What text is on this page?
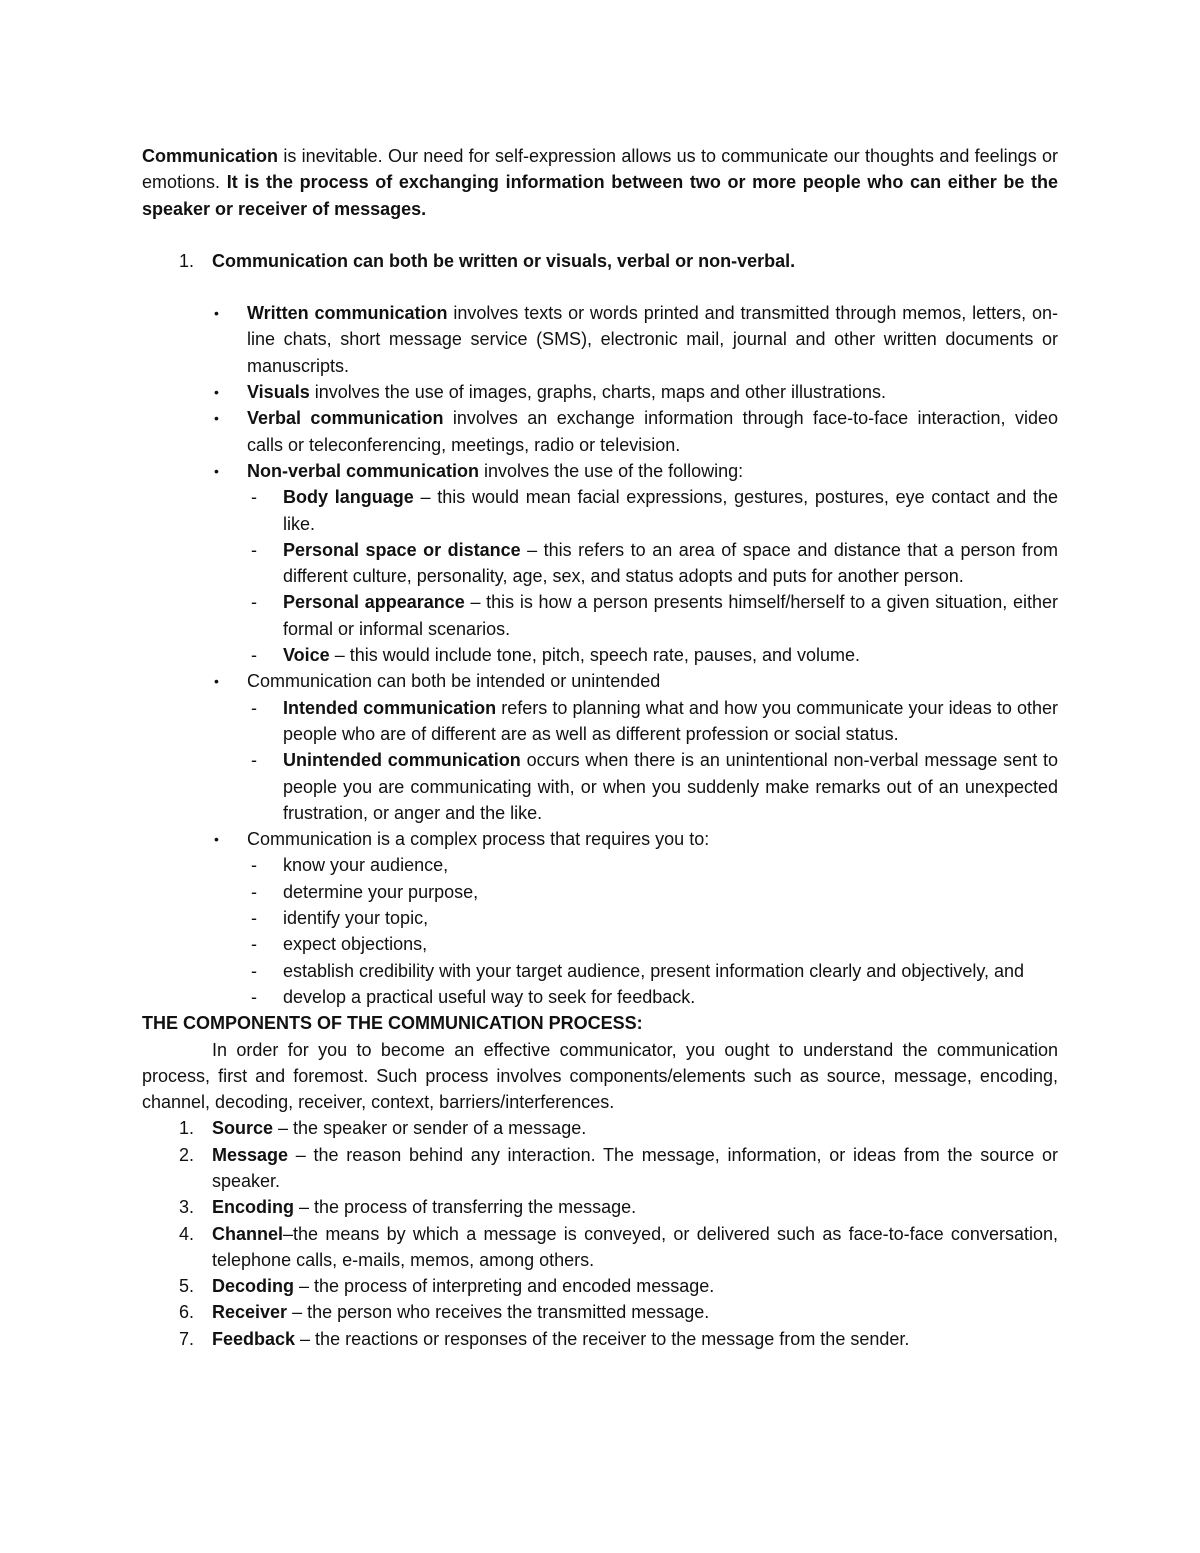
Communication is inevitable. Our need for self-expression allows us to communicate our thoughts and feelings or emotions. It is the process of exchanging information between two or more people who can either be the speaker or receiver of messages.

1.	Communication can both be written or visuals, verbal or non-verbal.
•	Written communication involves texts or words printed and transmitted through memos, letters, on-line chats, short message service (SMS), electronic mail, journal and other written documents or manuscripts.

•	Visuals involves the use of images, graphs, charts, maps and other illustrations.

•	Verbal communication involves an exchange information through face-to-face interaction, video calls or teleconferencing, meetings, radio or television.

•	Non-verbal communication involves the use of the following:

-	Body language – this would mean facial expressions, gestures, postures, eye contact and the like.

-	Personal space or distance – this refers to an area of space and distance that a person from different culture, personality, age, sex, and status adopts and puts for another person.

-	Personal appearance – this is how a person presents himself/herself to a given situation, either formal or informal scenarios.

-	Voice – this would include tone, pitch, speech rate, pauses, and volume.

•	Communication can both be intended or unintended

-	Intended communication refers to planning what and how you communicate your ideas to other people who are of different are as well as different profession or social status.

-	Unintended communication occurs when there is an unintentional non-verbal message sent to people you are communicating with, or when you suddenly make remarks out of an unexpected frustration, or anger and the like.

•	Communication is a complex process that requires you to:

-	know your audience,

-	determine your purpose,

-	identify your topic,

-	expect objections,

-	establish credibility with your target audience, present information clearly and objectively, and

-	develop a practical useful way to seek for feedback.

THE COMPONENTS OF THE COMMUNICATION PROCESS:

In order for you to become an effective communicator, you ought to understand the communication process, first and foremost. Such process involves components/elements such as source, message, encoding, channel, decoding, receiver, context, barriers/interferences.

1.	Source – the speaker or sender of a message.

2.	Message – the reason behind any interaction. The message, information, or ideas from the source or speaker.

3.	Encoding – the process of transferring the message.

4.	Channel–the means by which a message is conveyed, or delivered such as face-to-face conversation, telephone calls, e-mails, memos, among others.

5.	Decoding – the process of interpreting and encoded message.

6.	Receiver – the person who receives the transmitted message.

7.	Feedback – the reactions or responses of the receiver to the message from the sender.
